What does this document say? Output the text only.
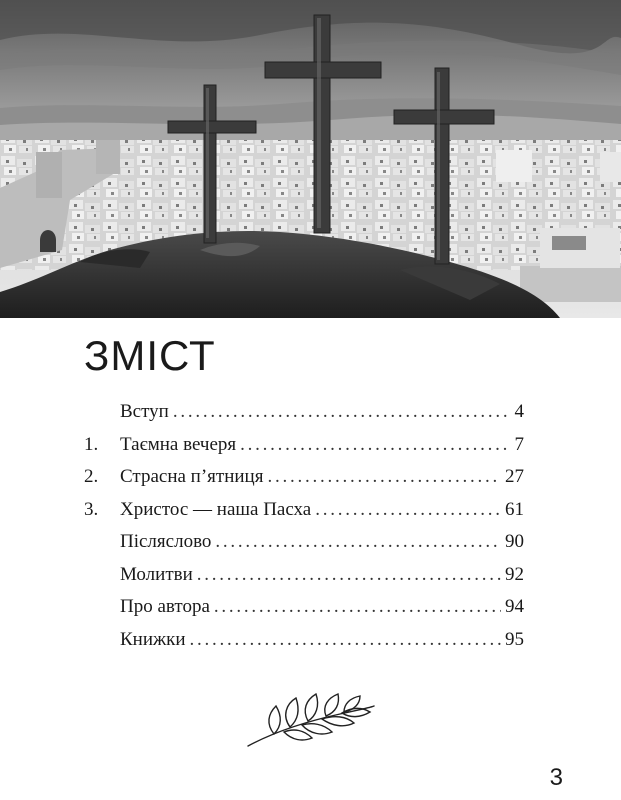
ЗМІСТ
Вступ . . .	4
1.	Таємна вечеря . . .	7
2.	Страсна п’ятниця . . .	27
3.	Христос — наша Пасха . . .	61
Післяслово . . .	90
Молитви . . .	92
Про автора . . .	94
Книжки . . .	95
3
